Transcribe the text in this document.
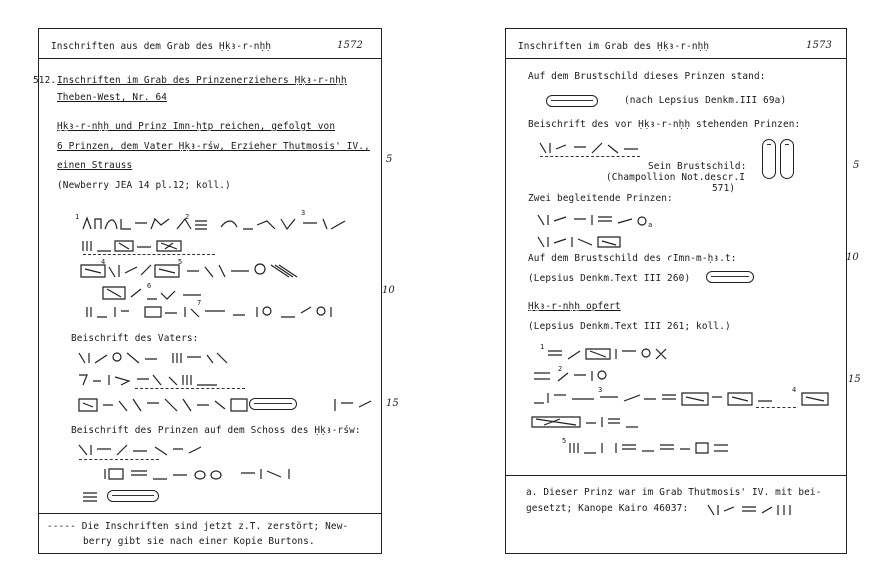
Inschriften aus dem Grab des Ḥḳꜣ-r-nḥḥ	1572
512. Inschriften im Grab des Prinzenerziehers Ḥḳꜣ-r-nḥḥ
Theben-West, Nr. 64
Ḥḳꜣ-r-nḥḥ und Prinz Imn-ḥtp reichen, gefolgt von
6 Prinzen, dem Vater Ḥḳꜣ-rśw, Erzieher Thutmosis' IV.,
einen Strauss
(Newberry JEA 14 pl.12; koll.)
1	2	3
4	5
6
7
Beischrift des Vaters:
Beischrift des Prinzen auf dem Schoss des Ḥḳꜣ-rśw:
----- Die Inschriften sind jetzt z.T. zerstört; New-
berry gibt sie nach einer Kopie Burtons.
5
10
15
Inschriften im Grab des Ḥḳꜣ-r-nḥḥ	1573
Auf dem Brustschild dieses Prinzen stand:
(nach Lepsius Denkm.III 69a)
Beischrift des vor Ḥḳꜣ-r-nḥḥ stehenden Prinzen:
Sein Brustschild:
(Champollion Not.descr.I
571)
Zwei begleitende Prinzen:
a
Auf dem Brustschild des ꜥImn-m-ḥꜣ.t:
(Lepsius Denkm.Text III 260)
Ḥḳꜣ-r-nḥḥ opfert
(Lepsius Denkm.Text III 261; koll.)
1
2
3	4
5
a. Dieser Prinz war im Grab Thutmosis' IV. mit bei-
gesetzt; Kanope Kairo 46037:
5
10
15
